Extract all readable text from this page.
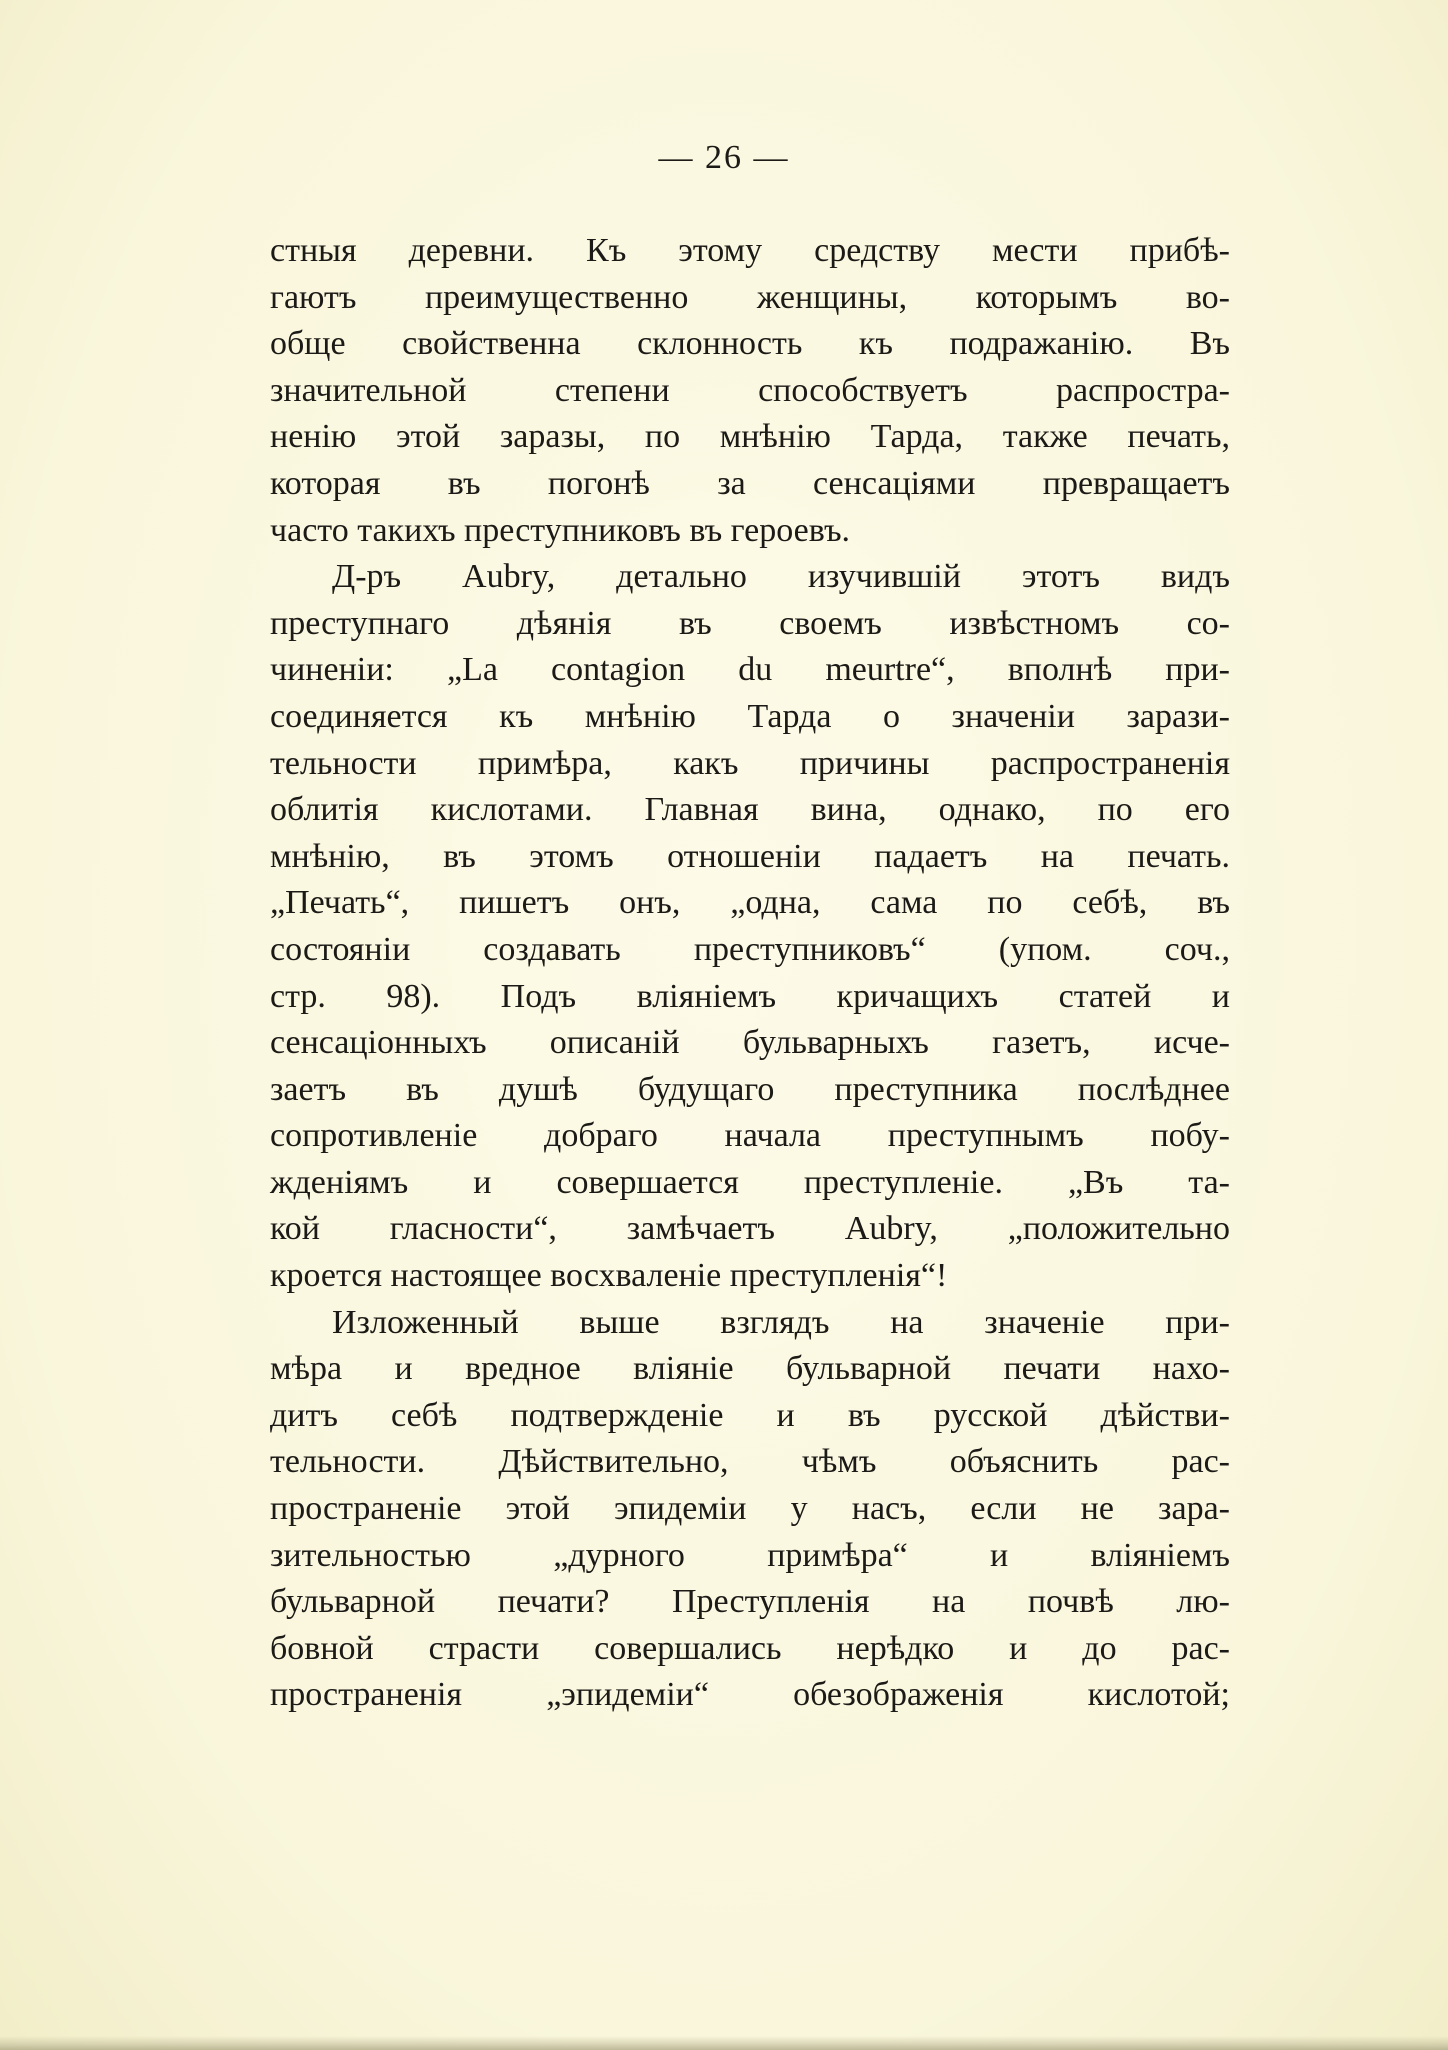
— 26 —
стныя деревни. Къ этому средству мести прибѣ-
гаютъ преимущественно женщины, которымъ во-
обще свойственна склонность къ подражанію. Въ
значительной степени способствуетъ распростра-
ненію этой заразы, по мнѣнію Тарда, также печать,
которая въ погонѣ за сенсаціями превращаетъ
часто такихъ преступниковъ въ героевъ.
Д-ръ Aubry, детально изучившій этотъ видъ
преступнаго дѣянія въ своемъ извѣстномъ со-
чиненіи: „La contagion du meurtre“, вполнѣ при-
соединяется къ мнѣнію Тарда о значеніи зарази-
тельности примѣра, какъ причины распространенія
облитія кислотами. Главная вина, однако, по его
мнѣнію, въ этомъ отношеніи падаетъ на печать.
„Печать“, пишетъ онъ, „одна, сама по себѣ, въ
состояніи создавать преступниковъ“ (упом. соч.,
стр. 98). Подъ вліяніемъ кричащихъ статей и
сенсаціонныхъ описаній бульварныхъ газетъ, исче-
заетъ въ душѣ будущаго преступника послѣднее
сопротивленіе добраго начала преступнымъ побу-
жденіямъ и совершается преступленіе. „Въ та-
кой гласности“, замѣчаетъ Aubry, „положительно
кроется настоящее восхваленіе преступленія“!
Изложенный выше взглядъ на значеніе при-
мѣра и вредное вліяніе бульварной печати нахо-
дитъ себѣ подтвержденіе и въ русской дѣйстви-
тельности. Дѣйствительно, чѣмъ объяснить рас-
пространеніе этой эпидеміи у насъ, если не зара-
зительностью „дурного примѣра“ и вліяніемъ
бульварной печати? Преступленія на почвѣ лю-
бовной страсти совершались нерѣдко и до рас-
пространенія „эпидеміи“ обезображенія кислотой;
